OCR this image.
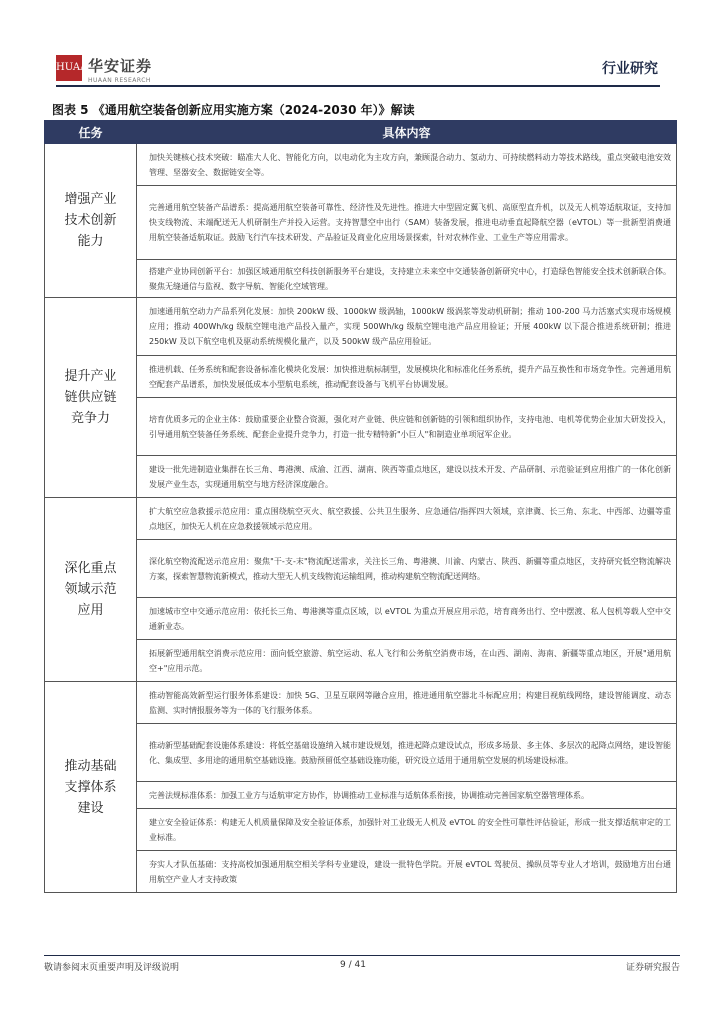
HUAAN
华安证券
HUAAN RESEARCH
行业研究
图表 5 《通用航空装备创新应用实施方案（2024-2030 年）》解读
任务	具体内容
增强产业技术创新能力	加快关键核心技术突破：瞄准大人化、智能化方向，以电动化为主攻方向，兼顾混合动力、氢动力、可持续燃料动力等技术路线，重点突破电池安效管理、坚器安全、数据链安全等。
	完善通用航空装备产品谱系：提高通用航空装备可靠性、经济性及先进性。推进大中型固定翼飞机、高原型直升机，以及无人机等适航取证，支持加快支线物流、末端配送无人机研制生产并投入运营。支持智慧空中出行（SAM）装备发展，推进电动垂直起降航空器（eVTOL）等一批新型消费通用航空装备适航取证。鼓励飞行汽车技术研发、产品验证及商业化应用场景探索，针对农林作业、工业生产等应用需求。
	搭建产业协同创新平台：加强区域通用航空科技创新服务平台建设，支持建立未来空中交通装备创新研究中心，打造绿色智能安全技术创新联合体。聚焦无缝通信与监视、数字导航、智能化空域管理。
提升产业链供应链竞争力	加速通用航空动力产品系列化发展：加快 200kW 级、1000kW 级涡轴，1000kW 级涡浆等发动机研制；推动 100-200 马力活塞式实现市场规模应用；推动 400Wh/kg 级航空锂电池产品投入量产，实现 500Wh/kg 级航空锂电池产品应用验证；开展 400kW 以下混合推进系统研制；推进 250kW 及以下航空电机及驱动系统规模化量产，以及 500kW 级产品应用验证。
	推进机载、任务系统和配套设备标准化模块化发展：加快推进航标制型，发展模块化和标准化任务系统，提升产品互换性和市场竞争性。完善通用航空配套产品谱系，加快发展低成本小型航电系统，推动配套设备与飞机平台协调发展。
	培育优质多元的企业主体：鼓励重要企业整合资源，强化对产业链、供应链和创新链的引领和组织协作，支持电池、电机等优势企业加大研发投入，引导通用航空装备任务系统、配套企业提升竞争力，打造一批专精特新"小巨人"和制造业单项冠军企业。
	建设一批先进制造业集群在长三角、粤港澳、成渝、江西、湖南、陕西等重点地区，建设以技术开发、产品研制、示范验证到应用推广的一体化创新发展产业生态，实现通用航空与地方经济深度融合。
深化重点领域示范应用	扩大航空应急救援示范应用：重点围绕航空灭火、航空救援、公共卫生服务、应急通信/指挥四大领域，京津冀、长三角、东北、中西部、边疆等重点地区，加快无人机在应急救援领域示范应用。
	深化航空物流配送示范应用：聚焦"干-支-末"物流配送需求，关注长三角、粤港澳、川渝、内蒙古、陕西、新疆等重点地区，支持研究低空物流解决方案，探索智慧物流新模式，推动大型无人机支线物流运输组网，推动构建航空物流配送网络。
	加速城市空中交通示范应用：依托长三角、粤港澳等重点区域，以 eVTOL 为重点开展应用示范，培育商务出行、空中摆渡、私人包机等载人空中交通新业态。
	拓展新型通用航空消费示范应用：面向低空旅游、航空运动、私人飞行和公务航空消费市场，在山西、湖南、海南、新疆等重点地区，开展"通用航空+"应用示范。
推动基础支撑体系建设	推动智能高效新型运行服务体系建设：加快 5G、卫星互联网等融合应用，推进通用航空器北斗标配应用；构建目视航线网络，建设智能调度、动态监测、实时情报服务等为一体的飞行服务体系。
	推动新型基础配套设施体系建设：将低空基础设施纳入城市建设规划，推进起降点建设试点，形成多场景、多主体、多层次的起降点网络，建设智能化、集成型、多用途的通用航空基础设施。鼓励预留低空基础设施功能，研究设立适用于通用航空发展的机场建设标准。
	完善法规标准体系：加强工业方与适航审定方协作，协调推动工业标准与适航体系衔接，协调推动完善国家航空器管理体系。
	建立安全验证体系：构建无人机质量保障及安全验证体系，加强针对工业级无人机及 eVTOL 的安全性可靠性评估验证，形成一批支撑适航审定的工业标准。
	夯实人才队伍基础：支持高校加强通用航空相关学科专业建设，建设一批特色学院。开展 eVTOL 驾驶员、操纵员等专业人才培训，鼓励地方出台通用航空产业人才支持政策
敬请参阅末页重要声明及评级说明	9 / 41	证券研究报告
